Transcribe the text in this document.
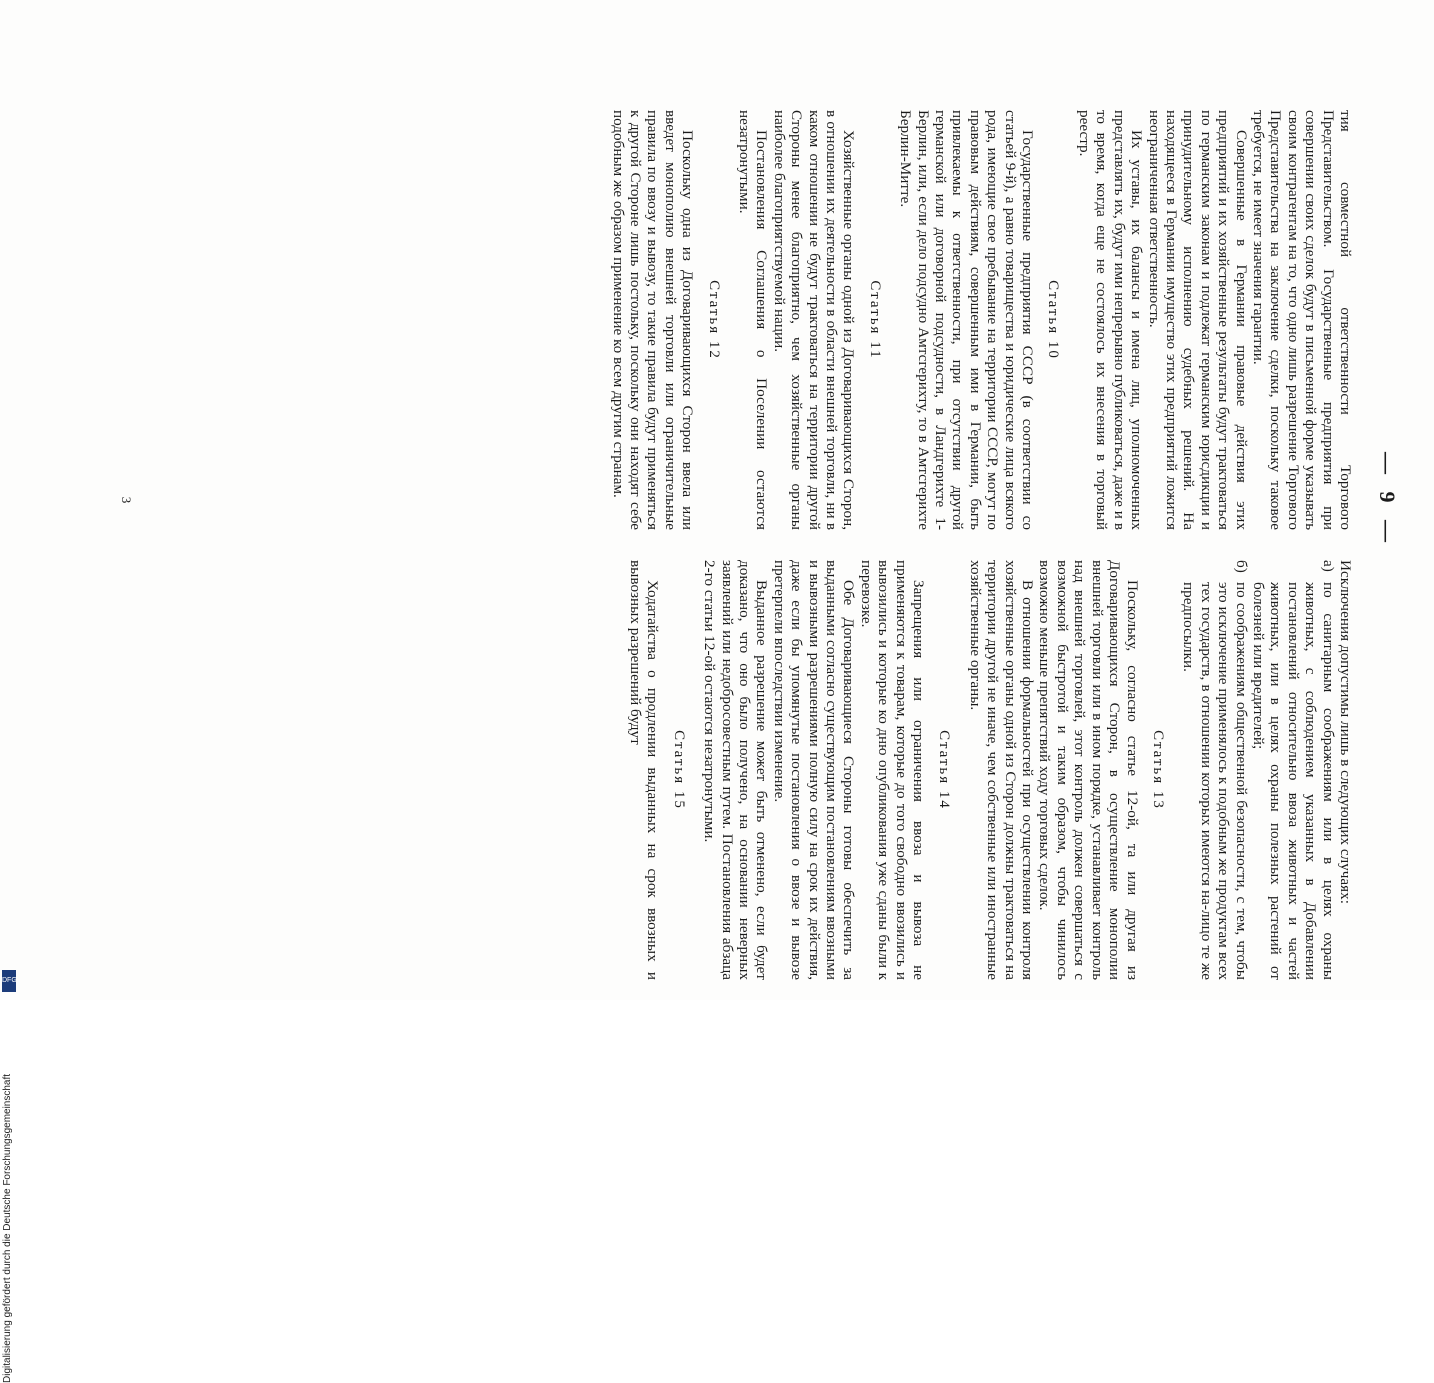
— 9 —

тия совместной ответственности Торгового Представительством. Государственные предприятия при совершении своих сделок будут в письменной форме указывать своим контрагентам на то, что одно лишь разрешение Торгового Представительства на заключение сделки, поскольку таковое требуется, не имеет значения гарантии.

Совершенные в Германии правовые действия этих предприятий и их хозяйственные результаты будут трактоваться по германским законам и подлежат германским юрисдикции и принудительному исполнению судебных решений. На находящееся в Германии имущество этих предприятий ложится неограниченная ответственность.

Их уставы, их балансы и имена лиц, уполномоченных представлять их, будут ими непрерывно публиковаться, даже и в то время, когда еще не состоялось их внесения в торговый реестр.

Статья 10

Государственные предприятия СССР (в соответствии со статьей 9-й), а равно товарищества и юридические лица всякого рода, имеющие свое пребывание на территории СССР, могут по правовым действиям, совершенным ими в Германии, быть привлекаемы к ответственности, при отсутствии другой германской или договорной подсудности, в Ландгерихте 1-Берлин, или, если дело подсудно Амтсгерихту, то в Амтсгерихте Берлин-Митте.

Статья 11

Хозяйственные органы одной из Договаривающихся Сторон, в отношении их деятельности в области внешней торговли, ни в каком отношении не будут трактоваться на территории другой Стороны менее благоприятно, чем хозяйственные органы наиболее благоприятствуемой нации.

Постановления Соглашения о Поселении остаются незатронутыми.

Статья 12

Поскольку одна из Договаривающихся Сторон ввела или введет монополию внешней торговли или ограничительные правила по ввозу и вывозу, то такие правила будут применяться к другой Стороне лишь постольку, поскольку они находят себе подобным же образом применение ко всем другим странам.

Исключения допустимы лишь в следующих случаях:

а)
по санитарным соображениям или в целях охраны животных, с соблюдением указанных в Добавлении постановлений относительно ввоза животных и частей животных, или в целях охраны полезных растений от болезней или вредителей;
б)
по соображениям общественной безопасности, с тем, чтобы это исключение применялось к подобным же продуктам всех тех государств, в отношении которых имеются на-лицо те же предпосылки.
Статья 13

Поскольку, согласно статье 12-ой, та или другая из Договаривающихся Сторон, в осуществление монополии внешней торговли или в ином порядке, устанавливает контроль над внешней торговлей, этот контроль должен совершаться с возможной быстротой и таким образом, чтобы чинилось возможно меньше препятствий ходу торговых сделок.

В отношении формальностей при осуществлении контроля хозяйственные органы одной из Сторон должны трактоваться на территории другой не иначе, чем собственные или иностранные хозяйственные органы.

Статья 14

Запрещения или ограничения ввоза и вывоза не применяются к товарам, которые до того свободно ввозились и вывозились и которые ко дню опубликования уже сданы были к перевозке.

Обе Договаривающиеся Стороны готовы обеспечить за выданными согласно существующим постановлениям ввозными и вывозными разрешениями полную силу на срок их действия, даже если бы упомянутые постановления о ввозе и вывозе претерпели впоследствии изменение.

Выданное разрешение может быть отменено, если будет доказано, что оно было получено, на основании неверных заявлений или недобросовестным путем. Постановления абзаца 2-го статьи 12-ой остаются незатронутыми.

Статья 15

Ходатайства о продлении выданных на срок ввозных и вывозных разрешений будут

3
Digitalisierung gefördert durch die Deutsche Forschungsgemeinschaft
DFG
